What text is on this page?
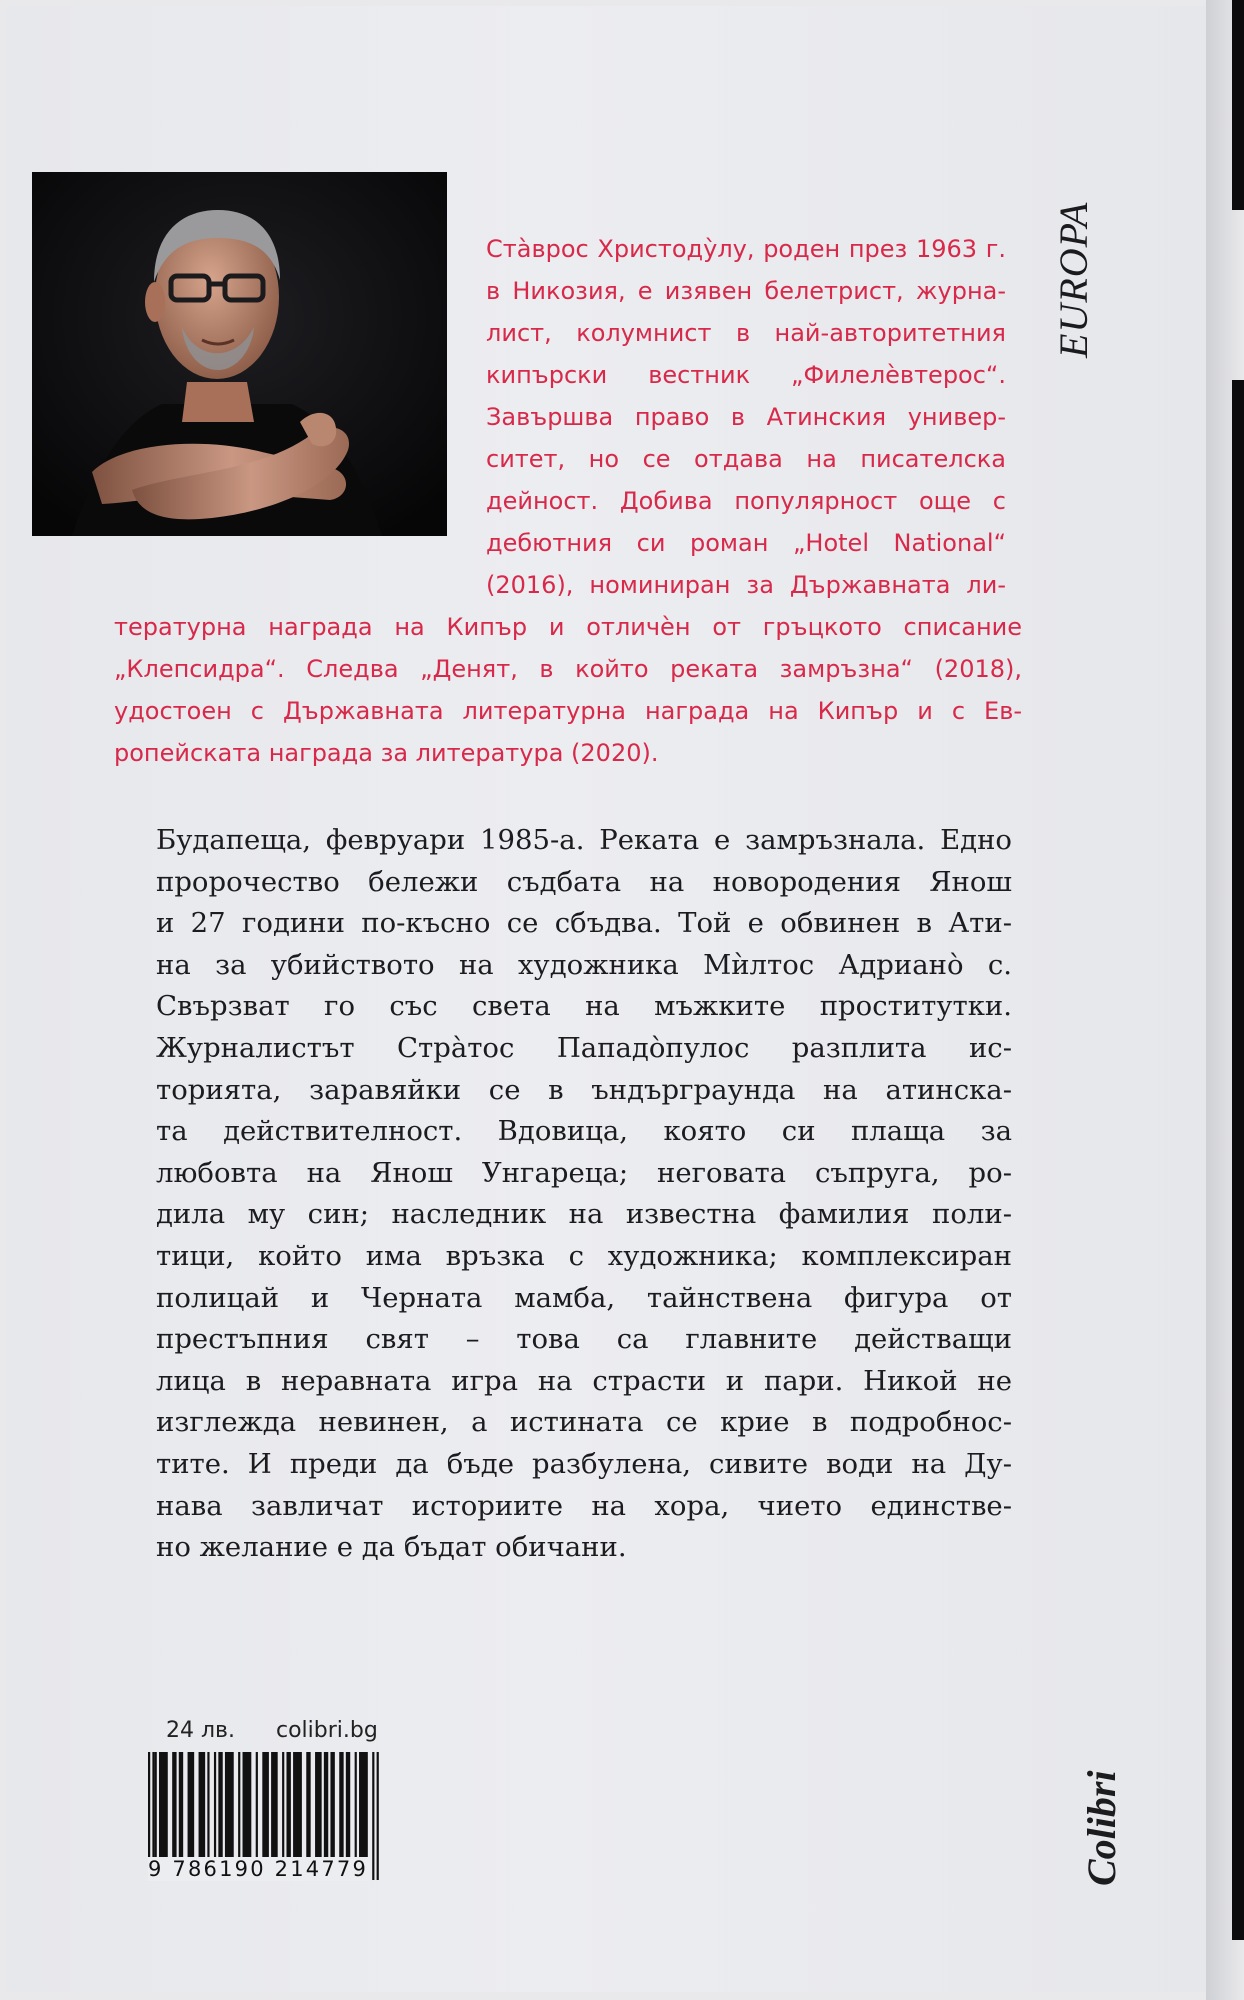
EUROPA
Ста̀врос Христоду̀лу, роден през 1963 г.
в Никозия, е изявен белетрист, журна-
лист, колумнист в най-авторитетния
кипърски вестник „Филелѐвтерос“.
Завършва право в Атинския универ-
ситет, но се отдава на писателска
дейност. Добива популярност още с
дебютния си роман „Hotel National“
(2016), номиниран за Държавната ли-
тературна награда на Кипър и отличѐн от гръцкото списание
„Клепсидра“. Следва „Денят, в който реката замръзна“ (2018),
удостоен с Държавната литературна награда на Кипър и с Ев-
ропейската награда за литература (2020).
Будапеща, февруари 1985-а. Реката е замръзнала. Едно
пророчество бележи съдбата на новородения Янош
и 27 години по-късно се сбъдва. Той е обвинен в Ати-
на за убийството на художника Мѝлтос Адрианò с.
Свързват го със света на мъжките проститутки.
Журналистът Стра̀тос Пападòпулос разплита ис-
торията, заравяйки се в ъндърграунда на атинска-
та действителност. Вдовица, която си плаща за
любовта на Янош Унгареца; неговата съпруга, ро-
дила му син; наследник на известна фамилия поли-
тици, който има връзка с художника; комплексиран
полицай и Черната мамба, тайнствена фигура от
престъпния свят – това са главните действащи
лица в неравната игра на страсти и пари. Никой не
изглежда невинен, а истината се крие в подробнос-
тите. И преди да бъде разбулена, сивите води на Ду-
нава завличат историите на хора, чието единстве-
но желание е да бъдат обичани.
24 лв. colibri.bg
9 786190 214779	Colibri
